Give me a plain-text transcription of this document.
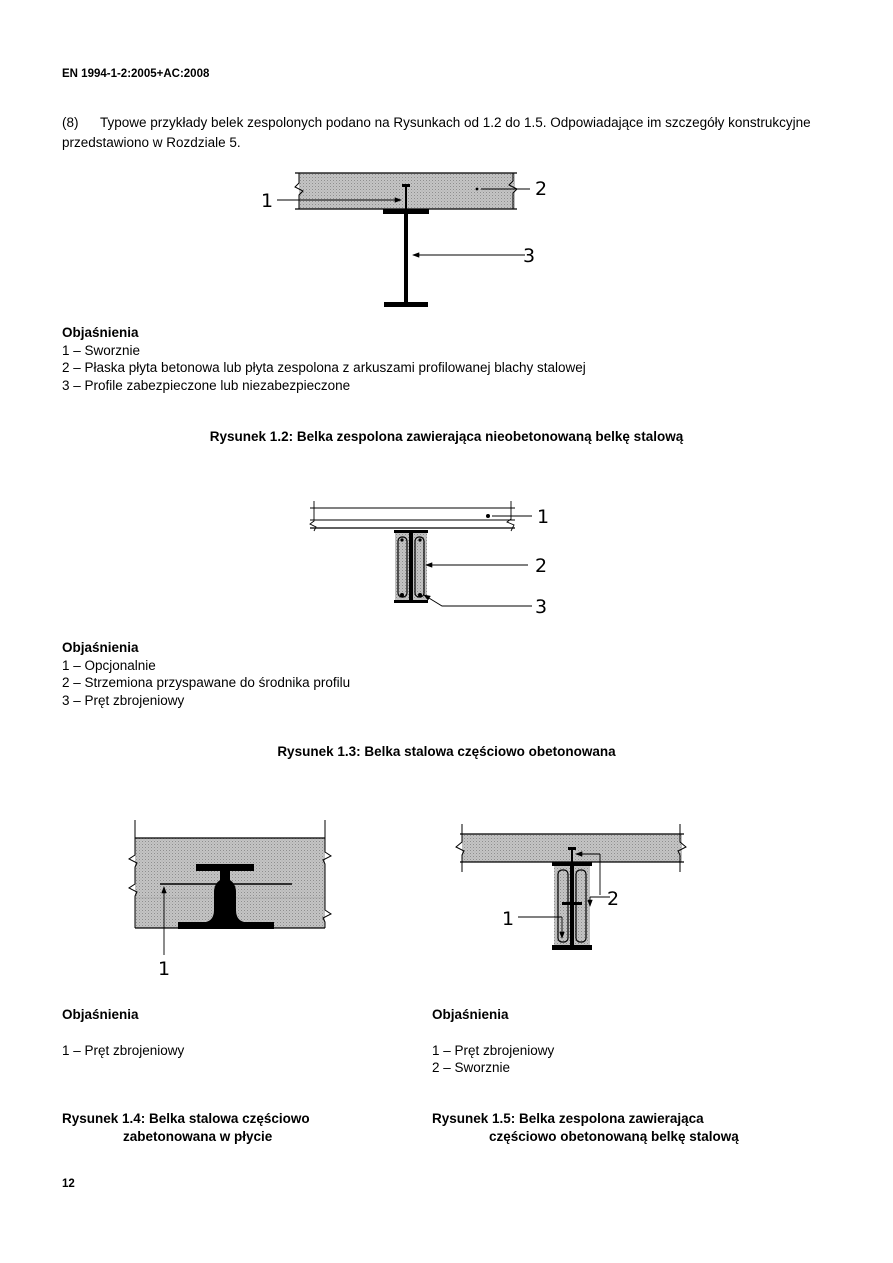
EN 1994-1-2:2005+AC:2008
(8) Typowe przykłady belek zespolonych podano na Rysunkach od 1.2 do 1.5. Odpowiadające im szczegóły konstrukcyjne przedstawiono w Rozdziale 5.
1
2
3
Objaśnienia
1 – Sworznie
2 – Płaska płyta betonowa lub płyta zespolona z arkuszami profilowanej blachy stalowej
3 – Profile zabezpieczone lub niezabezpieczone
Rysunek 1.2: Belka zespolona zawierająca nieobetonowaną belkę stalową
1
2
3
Objaśnienia
1 – Opcjonalnie
2 – Strzemiona przyspawane do środnika profilu
3 – Pręt zbrojeniowy
Rysunek 1.3: Belka stalowa częściowo obetonowana
1
Objaśnienia
1 – Pręt zbrojeniowy
Rysunek 1.4: Belka stalowa częściowo
zabetonowana w płycie
1
2
Objaśnienia
1 – Pręt zbrojeniowy
2 – Sworznie
Rysunek 1.5: Belka zespolona zawierająca
częściowo obetonowaną belkę stalową
12
